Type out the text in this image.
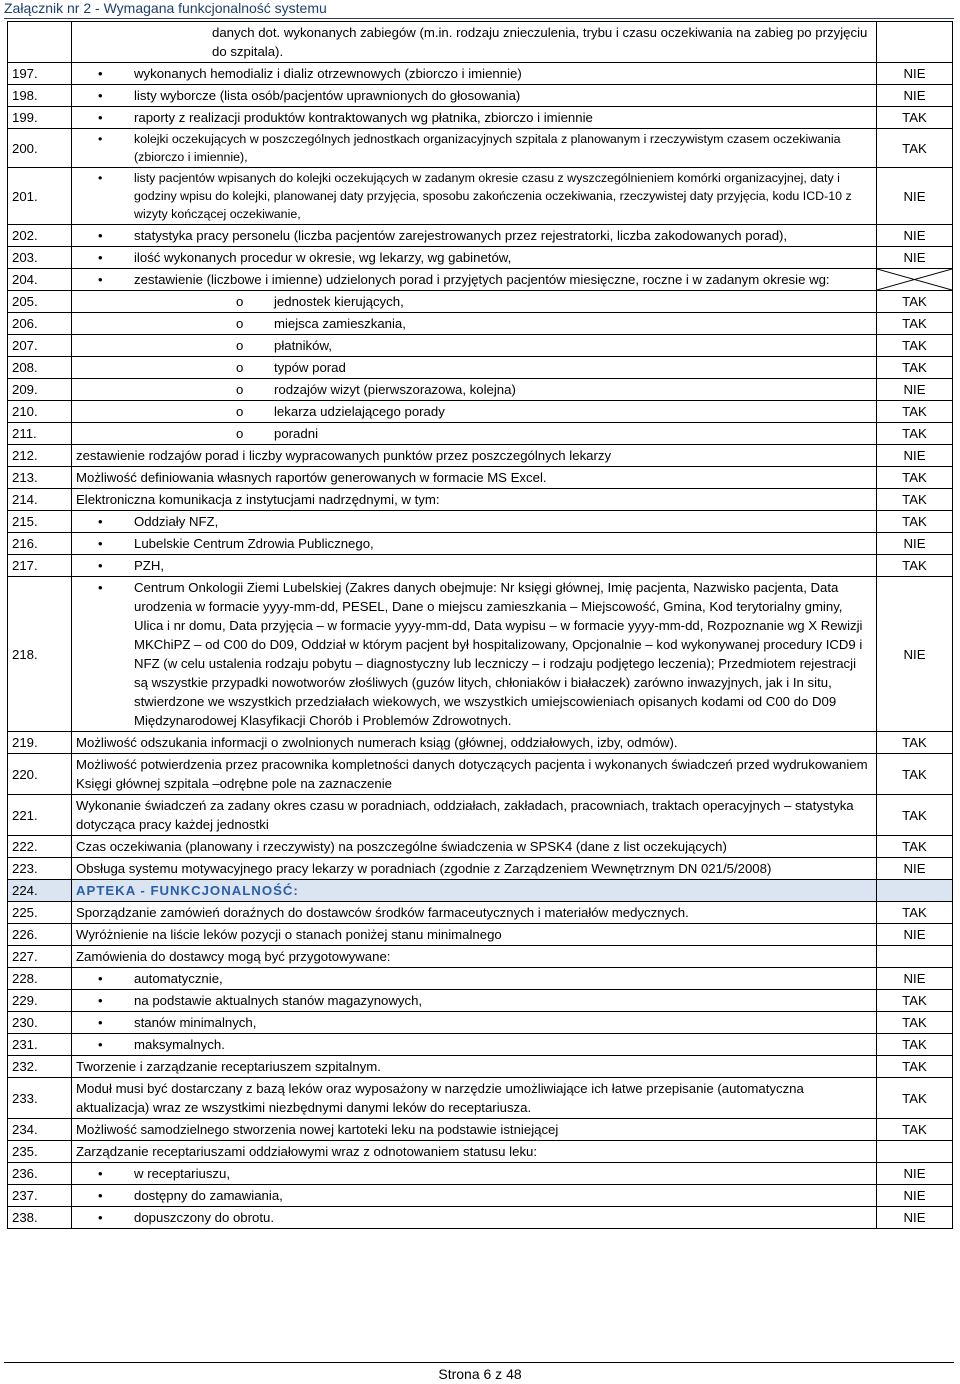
Załącznik nr 2 - Wymagana funkcjonalność systemu
	danych dot. wykonanych zabiegów (m.in. rodzaju znieczulenia, trybu i czasu oczekiwania na zabieg po przyjęciu do szpitala).	
197.	• wykonanych hemodializ i dializ otrzewnowych (zbiorczo i imiennie)	NIE
198.	• listy wyborcze (lista osób/pacjentów uprawnionych do głosowania)	NIE
199.	• raporty z realizacji produktów kontraktowanych wg płatnika, zbiorczo i imiennie	TAK
200.	• kolejki oczekujących w poszczególnych jednostkach organizacyjnych szpitala z planowanym i rzeczywistym czasem oczekiwania (zbiorczo i imiennie),	TAK
201.	• listy pacjentów wpisanych do kolejki oczekujących w zadanym okresie czasu z wyszczególnieniem komórki organizacyjnej, daty i godziny wpisu do kolejki, planowanej daty przyjęcia, sposobu zakończenia oczekiwania, rzeczywistej daty przyjęcia, kodu ICD-10 z wizyty kończącej oczekiwanie,	NIE
202.	• statystyka pracy personelu (liczba pacjentów zarejestrowanych przez rejestratorki, liczba zakodowanych porad),	NIE
203.	• ilość wykonanych procedur w okresie, wg lekarzy, wg gabinetów,	NIE
204.	• zestawienie (liczbowe i imienne) udzielonych porad i przyjętych pacjentów miesięczne, roczne i w zadanym okresie wg:

205.	o jednostek kierujących,	TAK
206.	o miejsca zamieszkania,	TAK
207.	o płatników,	TAK
208.	o typów porad	TAK
209.	o rodzajów wizyt (pierwszorazowa, kolejna)	NIE
210.	o lekarza udzielającego porady	TAK
211.	o poradni	TAK
212.	zestawienie rodzajów porad i liczby wypracowanych punktów przez poszczególnych lekarzy	NIE
213.	Możliwość definiowania własnych raportów generowanych w formacie MS Excel.	TAK
214.	Elektroniczna komunikacja z instytucjami nadrzędnymi, w tym:	TAK
215.	• Oddziały NFZ,	TAK
216.	• Lubelskie Centrum Zdrowia Publicznego,	NIE
217.	• PZH,	TAK
218.	• Centrum Onkologii Ziemi Lubelskiej (Zakres danych obejmuje: Nr księgi głównej, Imię pacjenta, Nazwisko pacjenta, Data urodzenia w formacie yyyy-mm-dd, PESEL, Dane o miejscu zamieszkania – Miejscowość, Gmina, Kod terytorialny gminy, Ulica i nr domu, Data przyjęcia – w formacie yyyy-mm-dd, Data wypisu – w formacie yyyy-mm-dd, Rozpoznanie wg X Rewizji MKChiPZ – od C00 do D09, Oddział w którym pacjent był hospitalizowany, Opcjonalnie – kod wykonywanej procedury ICD9 i NFZ (w celu ustalenia rodzaju pobytu – diagnostyczny lub leczniczy – i rodzaju podjętego leczenia); Przedmiotem rejestracji są wszystkie przypadki nowotworów złośliwych (guzów litych, chłoniaków i białaczek) zarówno inwazyjnych, jak i In situ, stwierdzone we wszystkich przedziałach wiekowych, we wszystkich umiejscowieniach opisanych kodami od C00 do D09 Międzynarodowej Klasyfikacji Chorób i Problemów Zdrowotnych.	NIE
219.	Możliwość odszukania informacji o zwolnionych numerach ksiąg (głównej, oddziałowych, izby, odmów).	TAK
220.	Możliwość potwierdzenia przez pracownika kompletności danych dotyczących pacjenta i wykonanych świadczeń przed wydrukowaniem Księgi głównej szpitala –odrębne pole na zaznaczenie	TAK
221.	Wykonanie świadczeń za zadany okres czasu w poradniach, oddziałach, zakładach, pracowniach, traktach operacyjnych – statystyka dotycząca pracy każdej jednostki	TAK
222.	Czas oczekiwania (planowany i rzeczywisty) na poszczególne świadczenia w SPSK4 (dane z list oczekujących)	TAK
223.	Obsługa systemu motywacyjnego pracy lekarzy w poradniach (zgodnie z Zarządzeniem Wewnętrznym DN 021/5/2008)	NIE
224.	APTEKA - FUNKCJONALNOŚĆ:	
225.	Sporządzanie zamówień doraźnych do dostawców środków farmaceutycznych i materiałów medycznych.	TAK
226.	Wyróżnienie na liście leków pozycji o stanach poniżej stanu minimalnego	NIE
227.	Zamówienia do dostawcy mogą być przygotowywane:	
228.	• automatycznie,	NIE
229.	• na podstawie aktualnych stanów magazynowych,	TAK
230.	• stanów minimalnych,	TAK
231.	• maksymalnych.	TAK
232.	Tworzenie i zarządzanie receptariuszem szpitalnym.	TAK
233.	Moduł musi być dostarczany z bazą leków oraz wyposażony w narzędzie umożliwiające ich łatwe przepisanie (automatyczna aktualizacja) wraz ze wszystkimi niezbędnymi danymi leków do receptariusza.	TAK
234.	Możliwość samodzielnego stworzenia nowej kartoteki leku na podstawie istniejącej	TAK
235.	Zarządzanie receptariuszami oddziałowymi wraz z odnotowaniem statusu leku:	
236.	• w receptariuszu,	NIE
237.	• dostępny do zamawiania,	NIE
238.	• dopuszczony do obrotu.	NIE
Strona 6 z 48
